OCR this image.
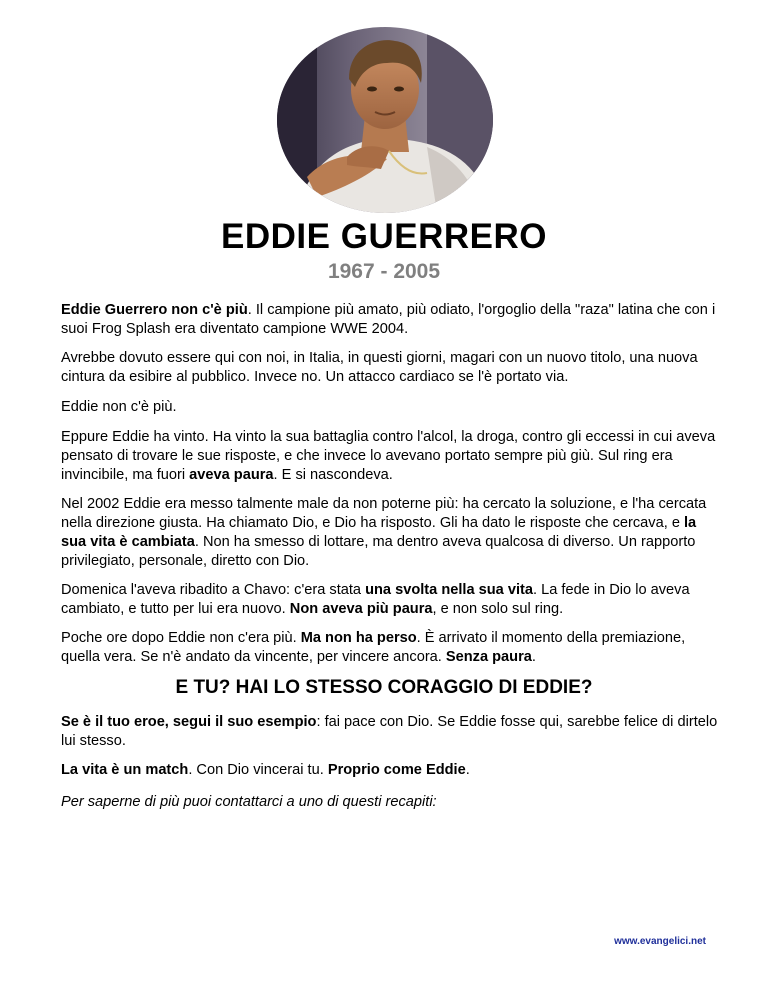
EDDIE GUERRERO
1967 - 2005

Eddie Guerrero non c'è più. Il campione più amato, più odiato, l'orgoglio della "raza" latina che con i suoi Frog Splash era diventato campione WWE 2004.

Avrebbe dovuto essere qui con noi, in Italia, in questi giorni, magari con un nuovo titolo, una nuova cintura da esibire al pubblico. Invece no. Un attacco cardiaco se l'è portato via.

Eddie non c'è più.

Eppure Eddie ha vinto. Ha vinto la sua battaglia contro l'alcol, la droga, contro gli eccessi in cui aveva pensato di trovare le sue risposte, e che invece lo avevano portato sempre più giù. Sul ring era invincibile, ma fuori aveva paura. E si nascondeva.

Nel 2002 Eddie era messo talmente male da non poterne più: ha cercato la soluzione, e l'ha cercata nella direzione giusta. Ha chiamato Dio, e Dio ha risposto. Gli ha dato le risposte che cercava, e la sua vita è cambiata. Non ha smesso di lottare, ma dentro aveva qualcosa di diverso. Un rapporto privilegiato, personale, diretto con Dio.

Domenica l'aveva ribadito a Chavo: c'era stata una svolta nella sua vita. La fede in Dio lo aveva cambiato, e tutto per lui era nuovo. Non aveva più paura, e non solo sul ring.

Poche ore dopo Eddie non c'era più. Ma non ha perso. È arrivato il momento della premiazione, quella vera. Se n'è andato da vincente, per vincere ancora. Senza paura.

E TU? HAI LO STESSO CORAGGIO DI EDDIE?

Se è il tuo eroe, segui il suo esempio: fai pace con Dio. Se Eddie fosse qui, sarebbe felice di dirtelo lui stesso.

La vita è un match. Con Dio vincerai tu. Proprio come Eddie.

Per saperne di più puoi contattarci a uno di questi recapiti:

www.evangelici.net
